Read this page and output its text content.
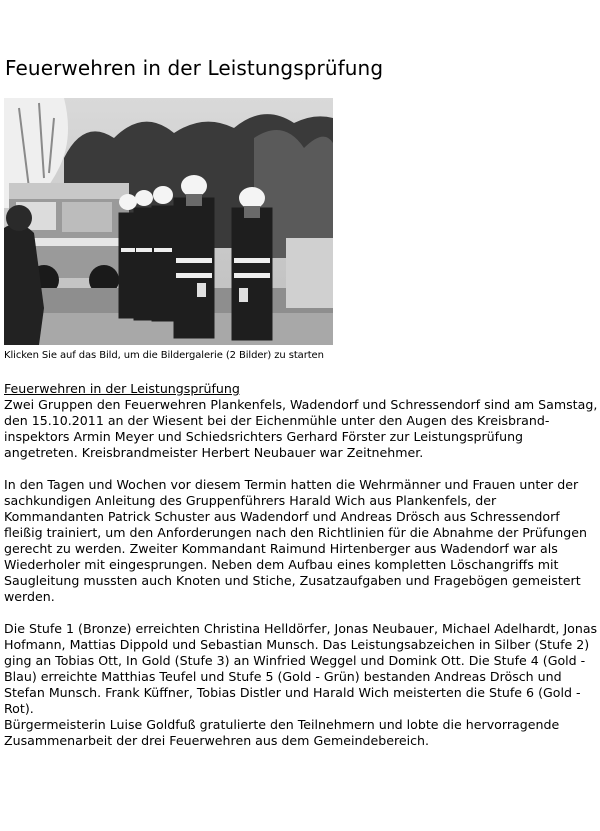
Feuerwehren in der Leistungsprüfung
Klicken Sie auf das Bild, um die Bildergalerie (2 Bilder) zu starten

Feuerwehren in der Leistungsprüfung
Zwei Gruppen den Feuerwehren Plankenfels, Wadendorf und Schressendorf sind am Samstag, den 15.10.2011 an der Wiesent bei der Eichenmühle unter den Augen des Kreisbrand-inspektors Armin Meyer und Schiedsrichters Gerhard Förster zur Leistungsprüfung angetreten. Kreisbrandmeister Herbert Neubauer war Zeitnehmer.

In den Tagen und Wochen vor diesem Termin hatten die Wehrmänner und Frauen unter der sachkundigen Anleitung des Gruppenführers Harald Wich aus Plankenfels, der Kommandanten Patrick Schuster aus Wadendorf und Andreas Drösch aus Schressendorf fleißig trainiert, um den Anforderungen nach den Richtlinien für die Abnahme der Prüfungen gerecht zu werden. Zweiter Kommandant Raimund Hirtenberger aus Wadendorf war als Wiederholer mit eingesprungen. Neben dem Aufbau eines kompletten Löschangriffs mit Saugleitung mussten auch Knoten und Stiche, Zusatzaufgaben und Fragebögen gemeistert werden.

Die Stufe 1 (Bronze) erreichten Christina Helldörfer, Jonas Neubauer, Michael Adelhardt, Jonas Hofmann, Mattias Dippold und Sebastian Munsch. Das Leistungsabzeichen in Silber (Stufe 2) ging an Tobias Ott, In Gold (Stufe 3) an Winfried Weggel und Domink Ott. Die Stufe 4 (Gold - Blau) erreichte Matthias Teufel und Stufe 5 (Gold - Grün) bestanden Andreas Drösch und Stefan Munsch. Frank Küffner, Tobias Distler und Harald Wich meisterten die Stufe 6 (Gold - Rot).

Bürgermeisterin Luise Goldfuß gratulierte den Teilnehmern und lobte die hervorragende Zusammenarbeit der drei Feuerwehren aus dem Gemeindebereich.
